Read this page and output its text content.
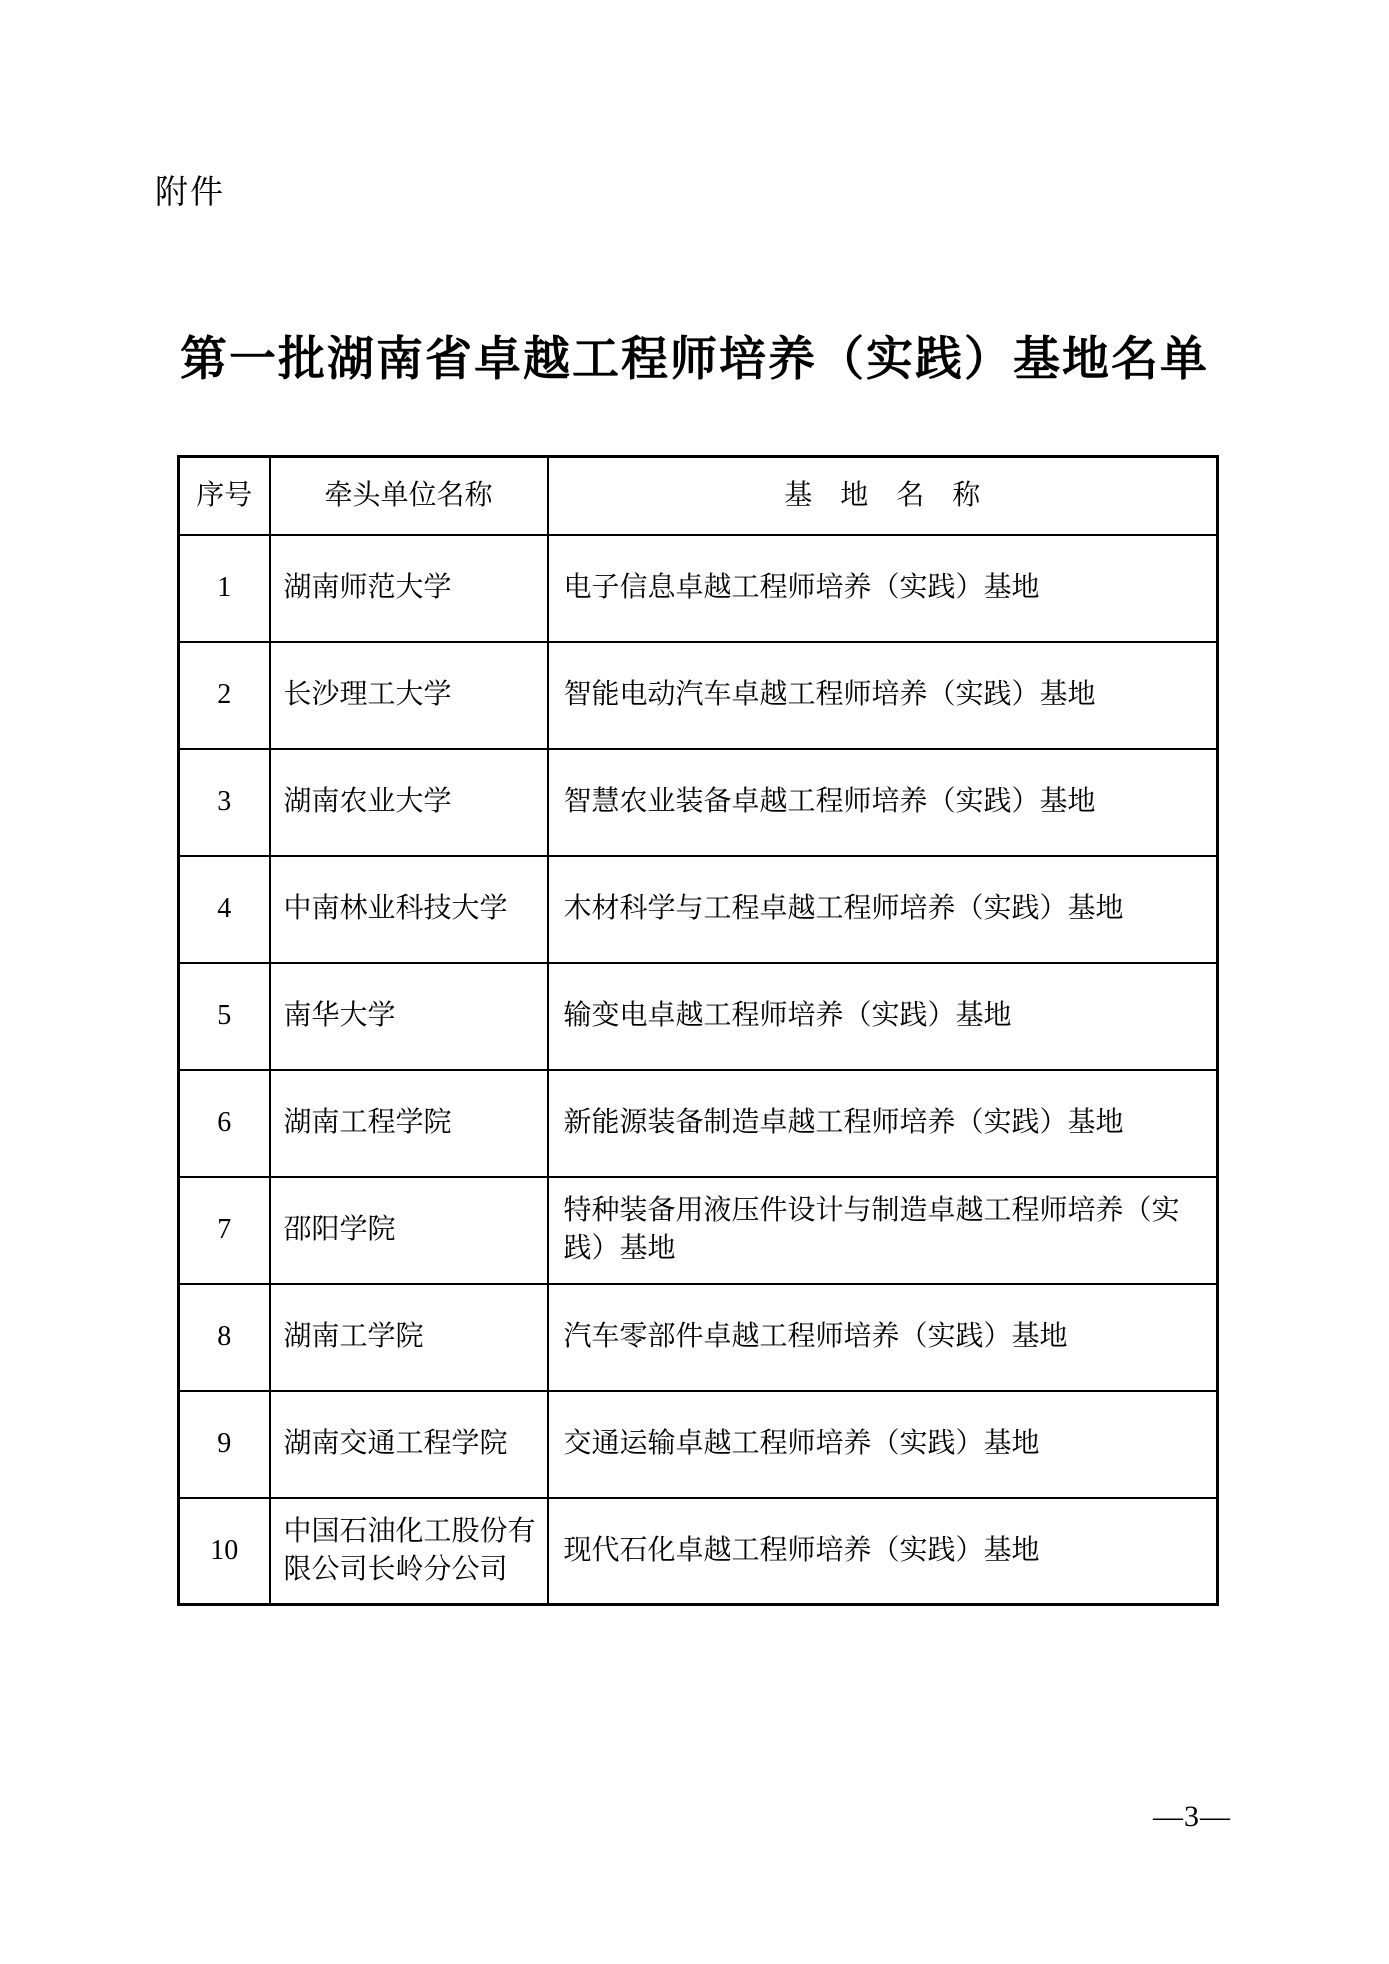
附件
第一批湖南省卓越工程师培养（实践）基地名单
序号	牵头单位名称	基　地　名　称
1	湖南师范大学	电子信息卓越工程师培养（实践）基地
2	长沙理工大学	智能电动汽车卓越工程师培养（实践）基地
3	湖南农业大学	智慧农业装备卓越工程师培养（实践）基地
4	中南林业科技大学	木材科学与工程卓越工程师培养（实践）基地
5	南华大学	输变电卓越工程师培养（实践）基地
6	湖南工程学院	新能源装备制造卓越工程师培养（实践）基地
7	邵阳学院	特种装备用液压件设计与制造卓越工程师培养（实践）基地
8	湖南工学院	汽车零部件卓越工程师培养（实践）基地
9	湖南交通工程学院	交通运输卓越工程师培养（实践）基地
10	中国石油化工股份有限公司长岭分公司	现代石化卓越工程师培养（实践）基地
—3—
